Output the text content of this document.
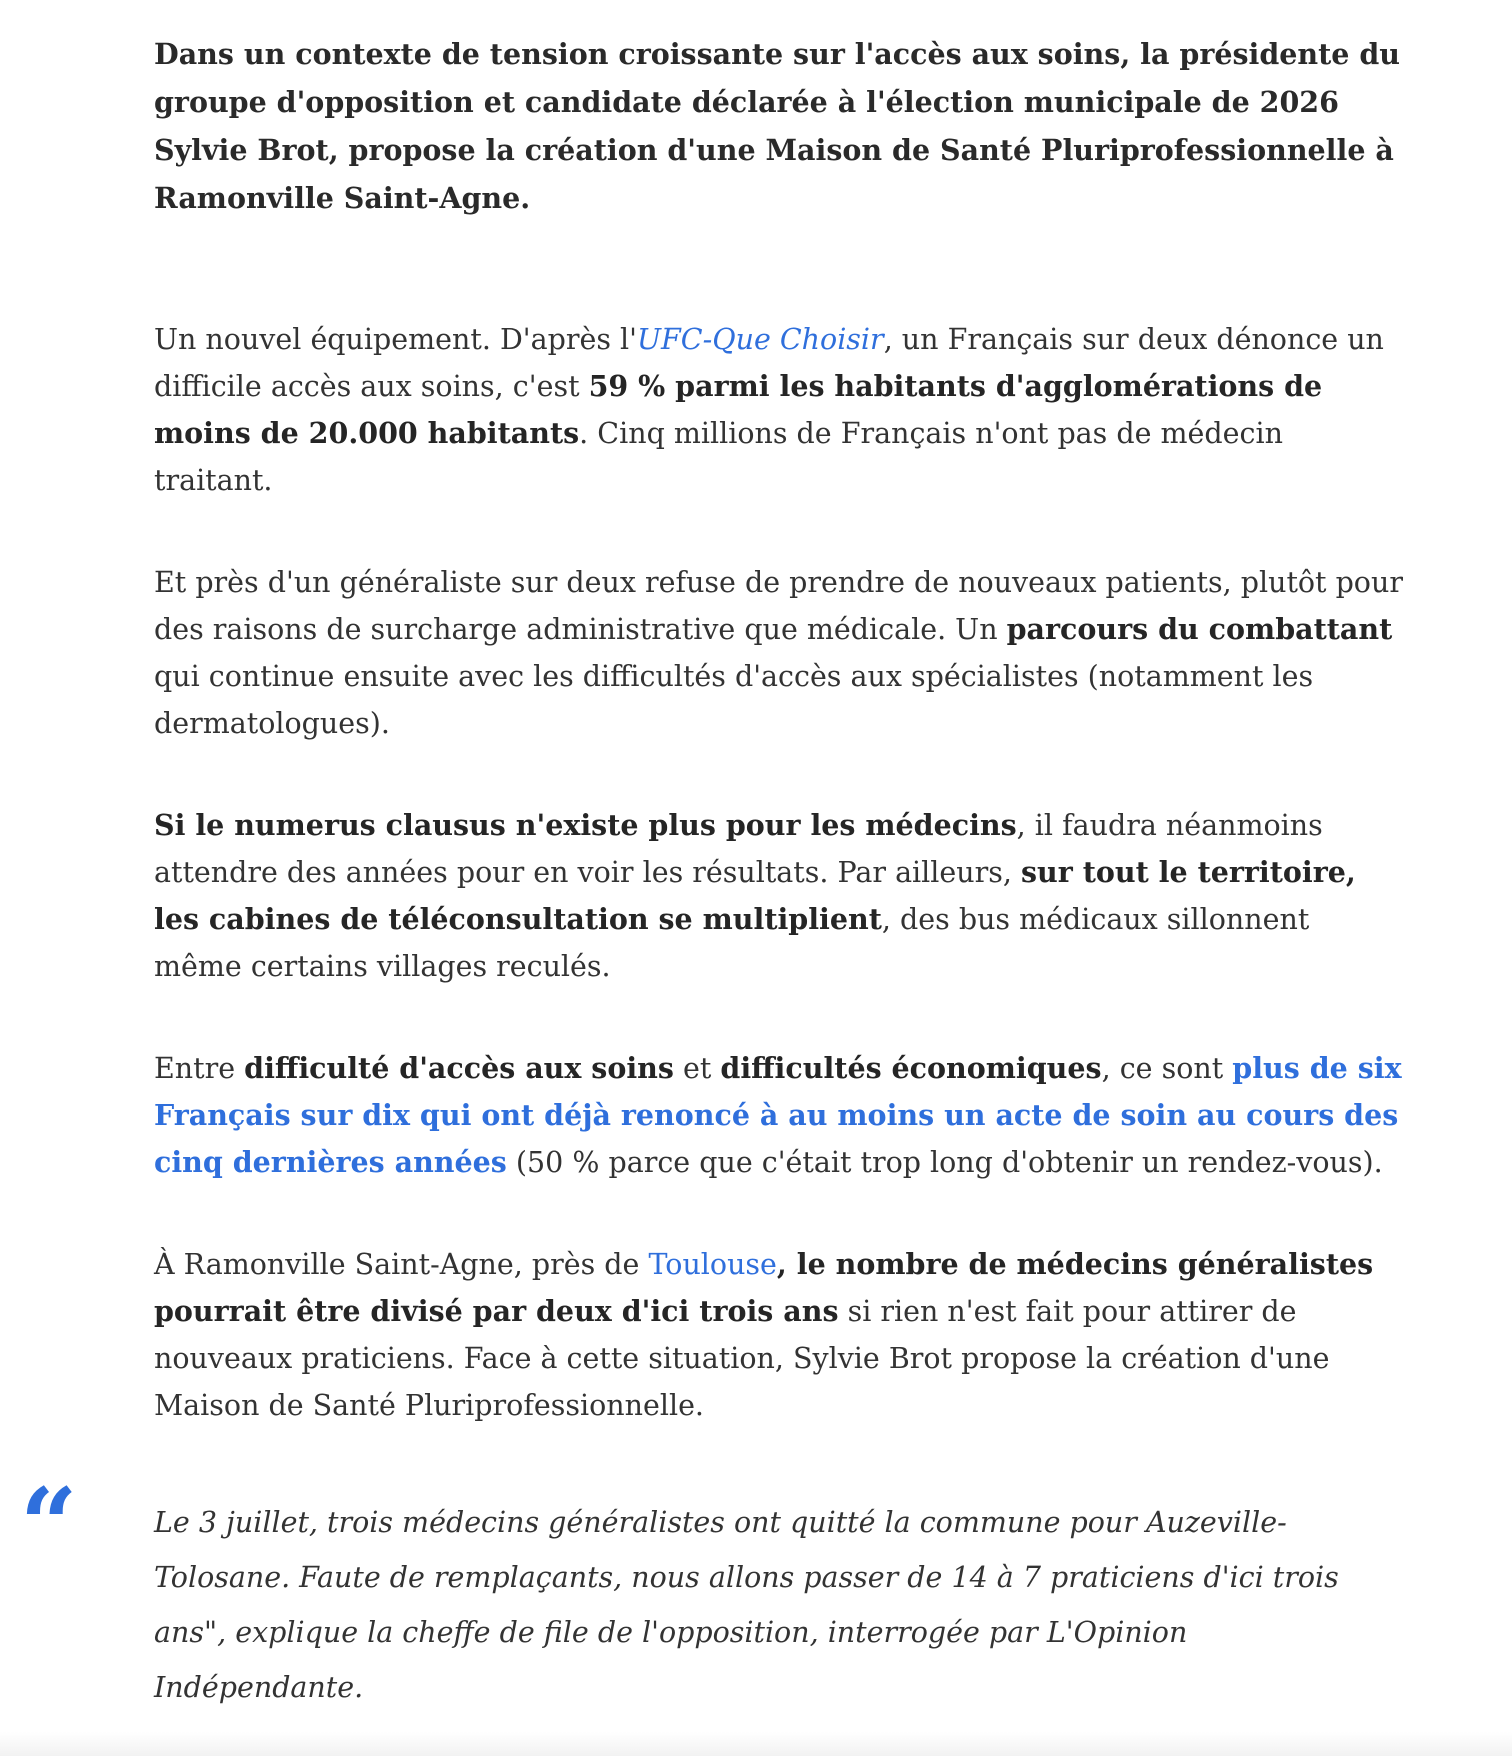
Dans un contexte de tension croissante sur l'accès aux soins, la présidente du groupe d'opposition et candidate déclarée à l'élection municipale de 2026 Sylvie Brot, propose la création d'une Maison de Santé Pluriprofessionnelle à Ramonville Saint-Agne.

Un nouvel équipement. D'après l'UFC-Que Choisir, un Français sur deux dénonce un difficile accès aux soins, c'est 59 % parmi les habitants d'agglomérations de moins de 20.000 habitants. Cinq millions de Français n'ont pas de médecin traitant.

Et près d'un généraliste sur deux refuse de prendre de nouveaux patients, plutôt pour des raisons de surcharge administrative que médicale. Un parcours du combattant qui continue ensuite avec les difficultés d'accès aux spécialistes (notamment les dermatologues).

Si le numerus clausus n'existe plus pour les médecins, il faudra néanmoins attendre des années pour en voir les résultats. Par ailleurs, sur tout le territoire, les cabines de téléconsultation se multiplient, des bus médicaux sillonnent même certains villages reculés.

Entre difficulté d'accès aux soins et difficultés économiques, ce sont plus de six Français sur dix qui ont déjà renoncé à au moins un acte de soin au cours des cinq dernières années (50 % parce que c'était trop long d'obtenir un rendez-vous).

À Ramonville Saint-Agne, près de Toulouse, le nombre de médecins généralistes pourrait être divisé par deux d'ici trois ans si rien n'est fait pour attirer de nouveaux praticiens. Face à cette situation, Sylvie Brot propose la création d'une Maison de Santé Pluriprofessionnelle.

“	Le 3 juillet, trois médecins généralistes ont quitté la commune pour Auzeville-Tolosane. Faute de remplaçants, nous allons passer de 14 à 7 praticiens d'ici trois ans", explique la cheffe de file de l'opposition, interrogée par L'Opinion Indépendante.
